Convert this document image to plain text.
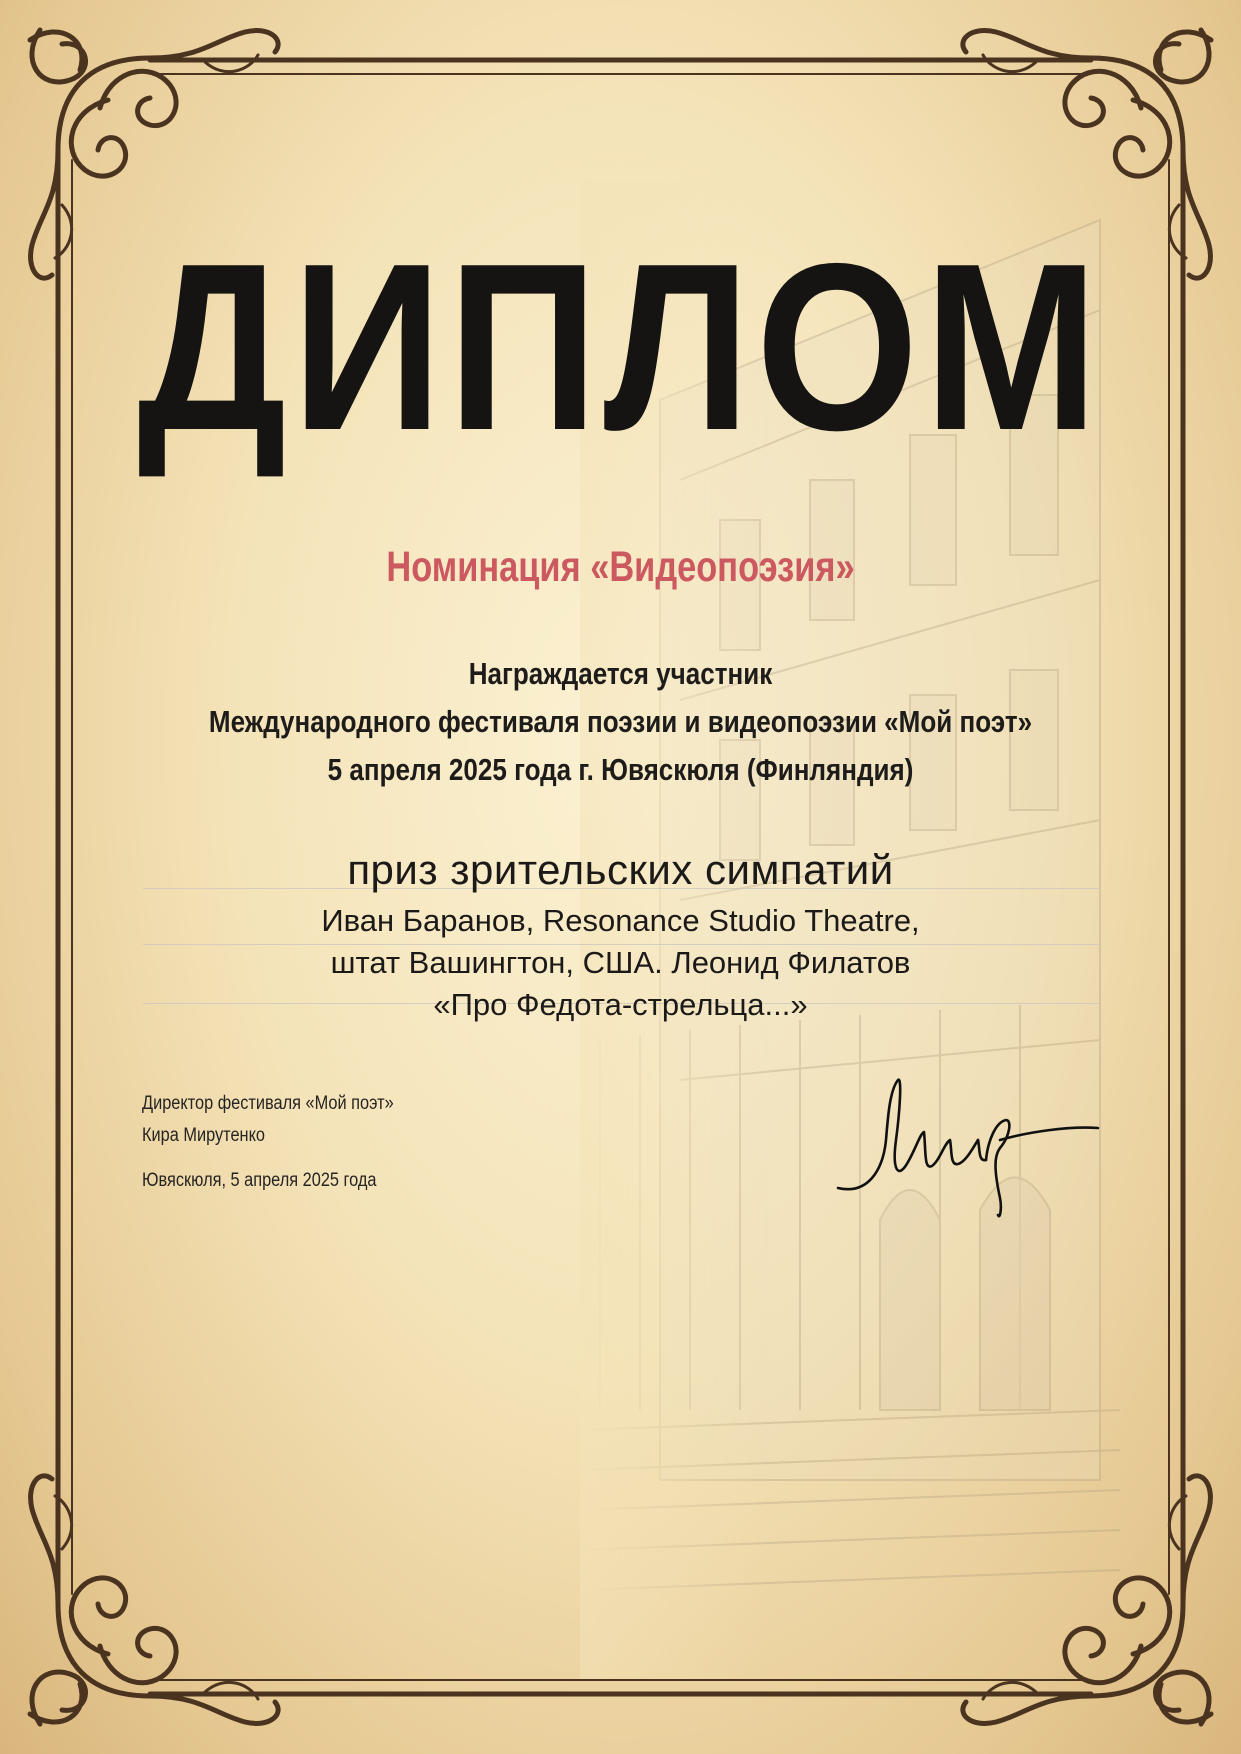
ДИПЛОМ
Номинация «Видеопоэзия»
Награждается участник
Международного фестиваля поэзии и видеопоэзии «Мой поэт»
5 апреля 2025 года г. Ювяскюля (Финляндия)
приз зрительских симпатий
Иван Баранов, Resonance Studio Theatre,
штат Вашингтон, США. Леонид Филатов
«Про Федота-стрельца...»
Директор фестиваля «Мой поэт»
Кира Мирутенко
Ювяскюля, 5 апреля 2025 года
